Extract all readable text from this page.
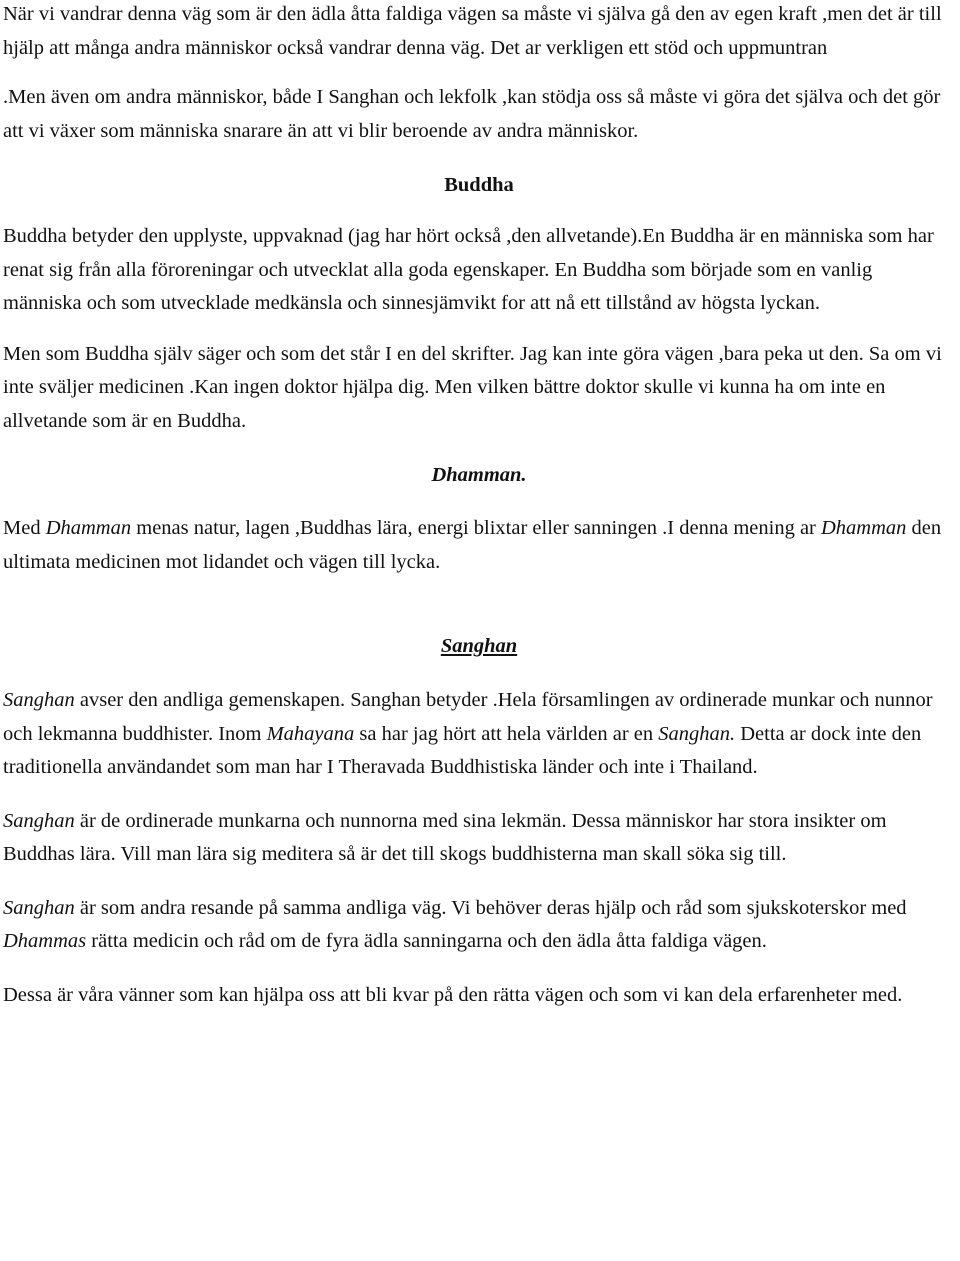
När vi vandrar denna väg som är den ädla åtta faldiga vägen sa måste vi själva gå den av egen kraft ,men det är till hjälp att många andra människor också vandrar denna väg. Det ar verkligen ett stöd och uppmuntran

.Men även om andra människor, både I Sanghan och lekfolk ,kan stödja oss så måste vi göra det själva och det gör att vi växer som människa snarare än att vi blir beroende av andra människor.

Buddha

Buddha betyder den upplyste, uppvaknad (jag har hört också ,den allvetande).En Buddha är en människa som har renat sig från alla föroreningar och utvecklat alla goda egenskaper. En Buddha som började som en vanlig människa och som utvecklade medkänsla och sinnesjämvikt for att nå ett tillstånd av högsta lyckan.

Men som Buddha själv säger och som det står I en del skrifter. Jag kan inte göra vägen ,bara peka ut den. Sa om vi inte sväljer medicinen .Kan ingen doktor hjälpa dig. Men vilken bättre doktor skulle vi kunna ha om inte en allvetande som är en Buddha.

Dhamman.

Med Dhamman menas natur, lagen ,Buddhas lära, energi blixtar eller sanningen .I denna mening ar Dhamman den ultimata medicinen mot lidandet och vägen till lycka.

Sanghan

Sanghan avser den andliga gemenskapen. Sanghan betyder .Hela församlingen av ordinerade munkar och nunnor och lekmanna buddhister. Inom Mahayana sa har jag hört att hela världen ar en Sanghan. Detta ar dock inte den traditionella användandet som man har I Theravada Buddhistiska länder och inte i Thailand.

Sanghan är de ordinerade munkarna och nunnorna med sina lekmän. Dessa människor har stora insikter om Buddhas lära. Vill man lära sig meditera så är det till skogs buddhisterna man skall söka sig till.

Sanghan är som andra resande på samma andliga väg. Vi behöver deras hjälp och råd som sjukskoterskor med Dhammas rätta medicin och råd om de fyra ädla sanningarna och den ädla åtta faldiga vägen.

Dessa är våra vänner som kan hjälpa oss att bli kvar på den rätta vägen och som vi kan dela erfarenheter med.
